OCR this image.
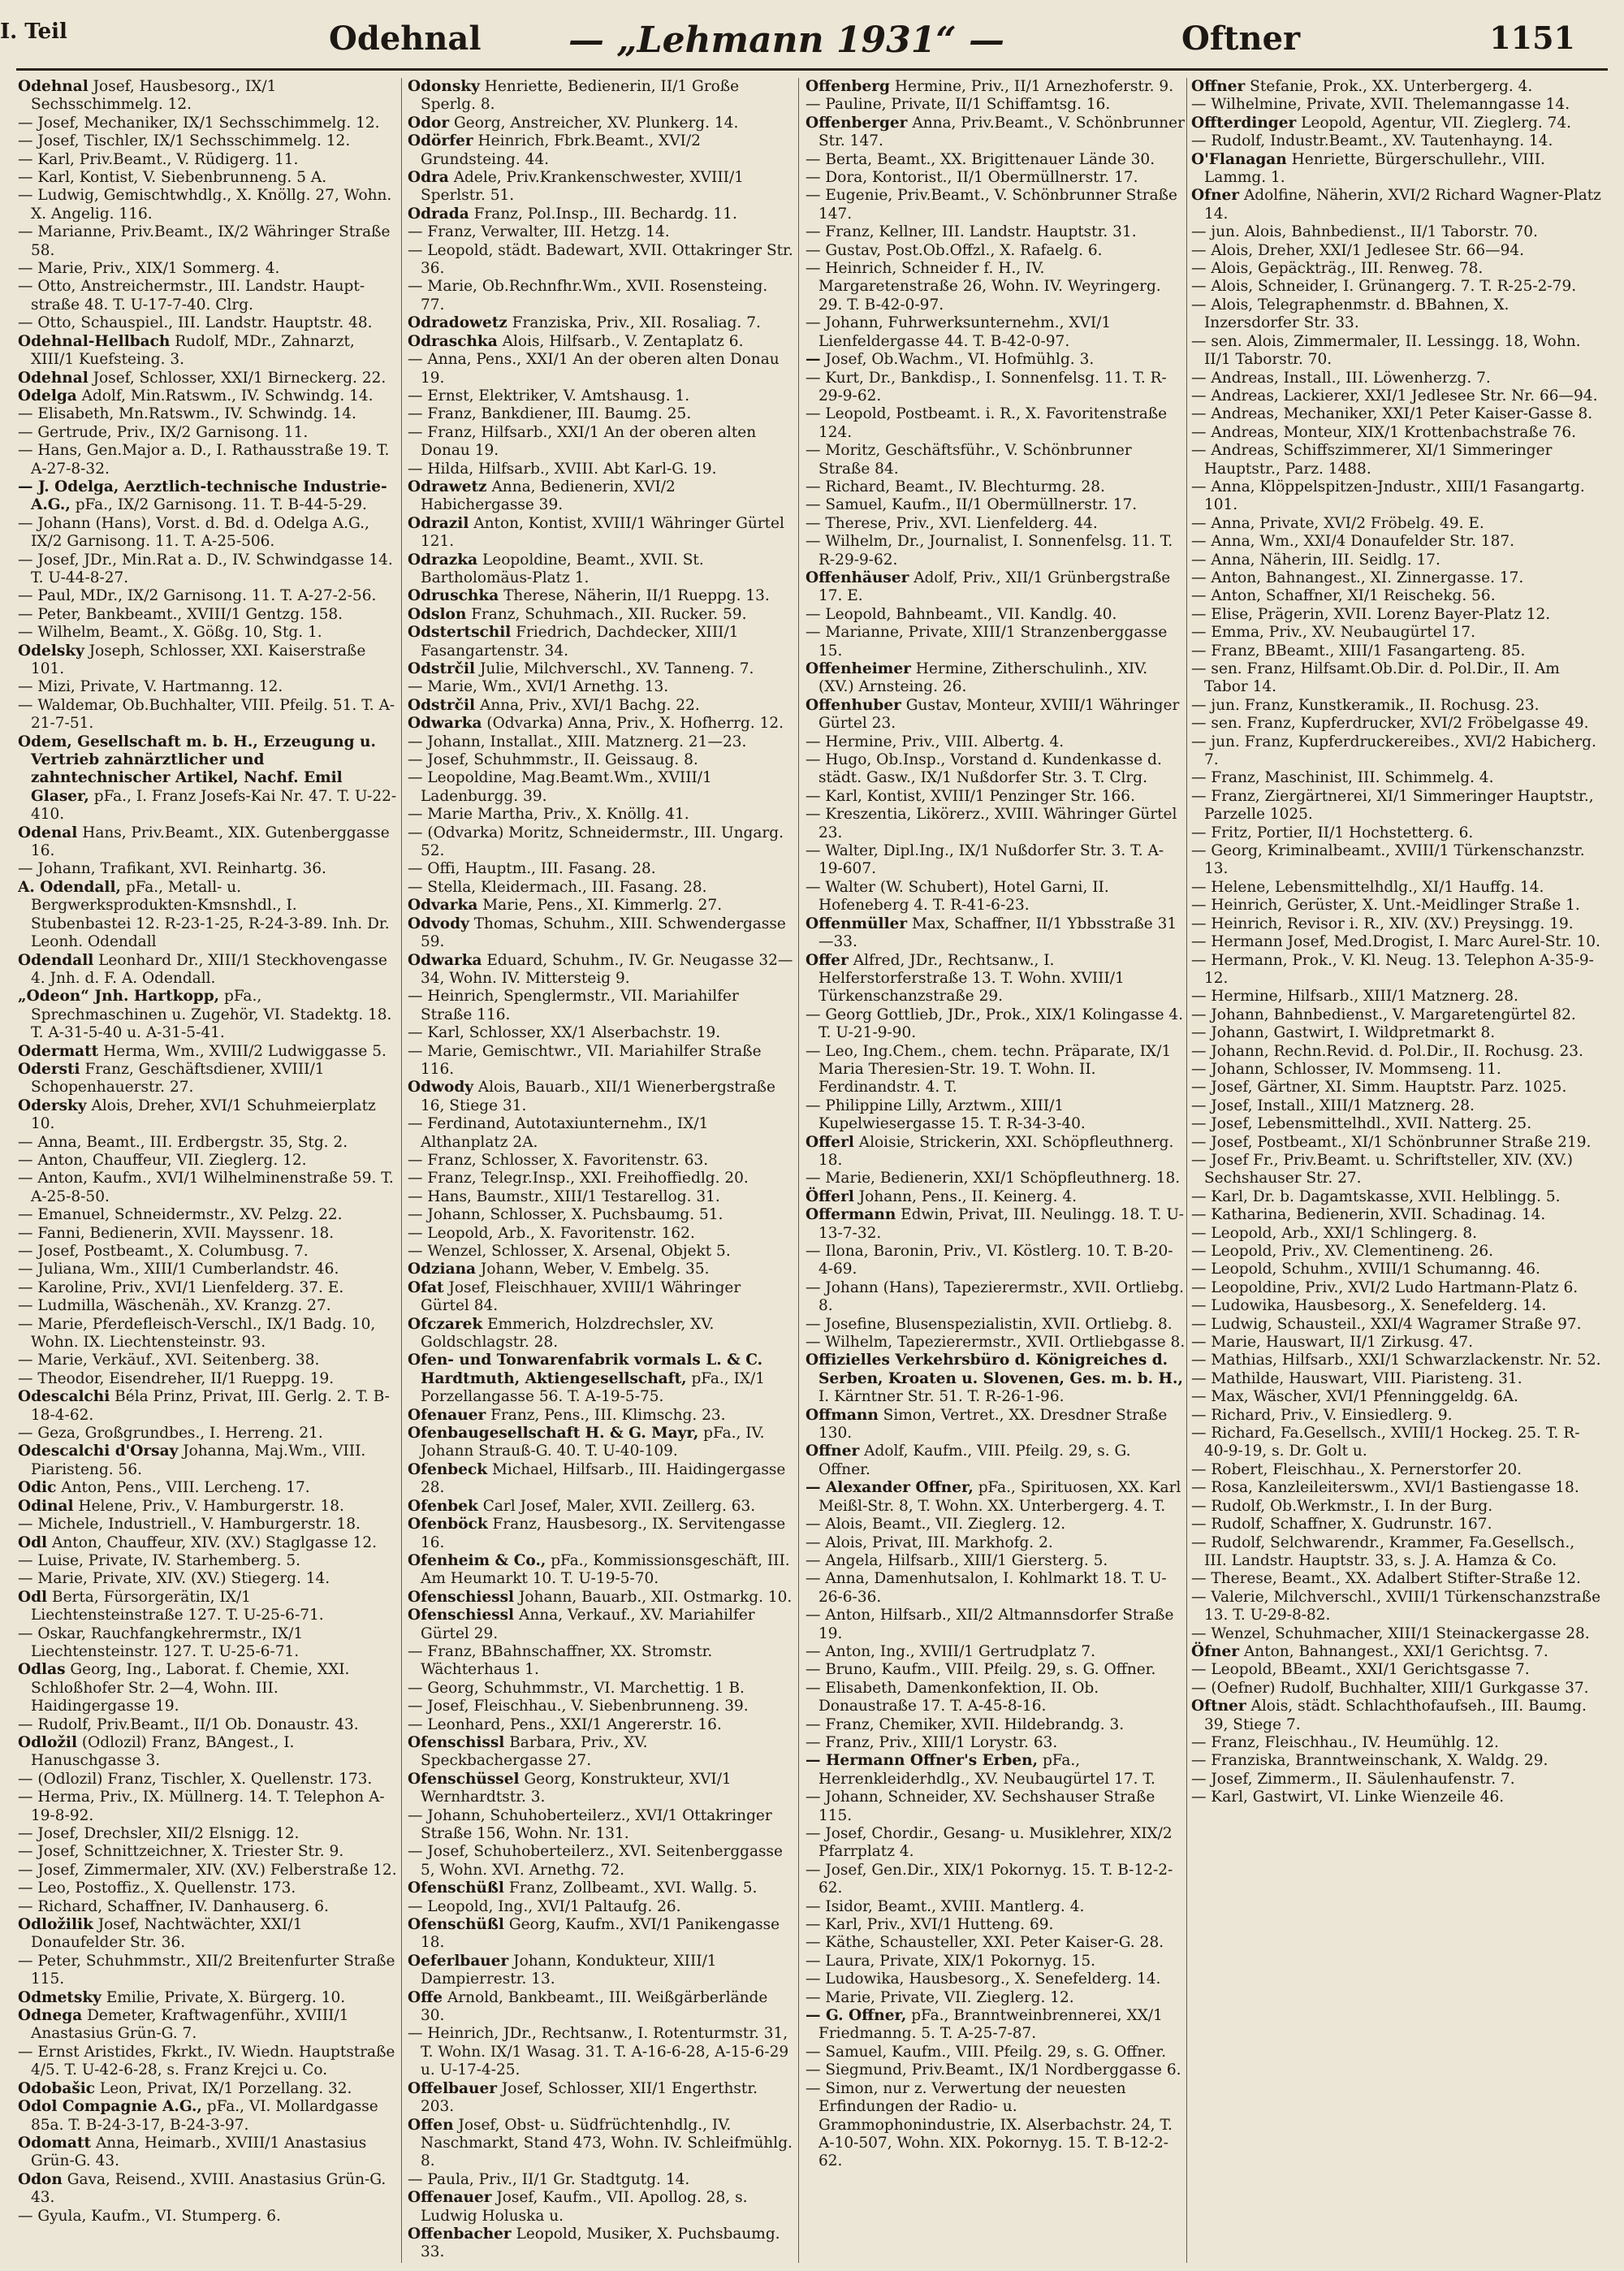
I. Teil	Odehnal — „Lehmann 1931“ —	Oftner	1151

Odehnal Josef, Hausbesorg., IX/1 Sechsschimmelg. 12.

— Josef, Mechaniker, IX/1 Sechsschimmelg. 12.

— Josef, Tischler, IX/1 Sechsschimmelg. 12.

— Karl, Priv.Beamt., V. Rüdigerg. 11.

— Karl, Kontist, V. Siebenbrunneng. 5 A.

— Ludwig, Gemischtwhdlg., X. Knöllg. 27, Wohn. X. Angelig. 116.

— Marianne, Priv.Beamt., IX/2 Währinger Straße 58.

— Marie, Priv., XIX/1 Sommerg. 4.

— Otto, Anstreichermstr., III. Landstr. Haupt-straße 48. T. U-17-7-40. Clrg.

— Otto, Schauspiel., III. Landstr. Hauptstr. 48.

Odehnal-Hellbach Rudolf, MDr., Zahnarzt, XIII/1 Kuefsteing. 3.

Odehnal Josef, Schlosser, XXI/1 Birneckerg. 22.

Odelga Adolf, Min.Ratswm., IV. Schwindg. 14.

— Elisabeth, Mn.Ratswm., IV. Schwindg. 14.

— Gertrude, Priv., IX/2 Garnisong. 11.

— Hans, Gen.Major a. D., I. Rathausstraße 19. T. A-27-8-32.

— J. Odelga, Aerztlich-technische Industrie-A.G., pFa., IX/2 Garnisong. 11. T. B-44-5-29.

— Johann (Hans), Vorst. d. Bd. d. Odelga A.G., IX/2 Garnisong. 11. T. A-25-506.

— Josef, JDr., Min.Rat a. D., IV. Schwindgasse 14. T. U-44-8-27.

— Paul, MDr., IX/2 Garnisong. 11. T. A-27-2-56.

— Peter, Bankbeamt., XVIII/1 Gentzg. 158.

— Wilhelm, Beamt., X. Gößg. 10, Stg. 1.

Odelsky Joseph, Schlosser, XXI. Kaiserstraße 101.

— Mizi, Private, V. Hartmanng. 12.

— Waldemar, Ob.Buchhalter, VIII. Pfeilg. 51. T. A-21-7-51.

Odem, Gesellschaft m. b. H., Erzeugung u. Vertrieb zahnärztlicher und zahntechnischer Artikel, Nachf. Emil Glaser, pFa., I. Franz Josefs-Kai Nr. 47. T. U-22-410.

Odenal Hans, Priv.Beamt., XIX. Gutenberggasse 16.

— Johann, Trafikant, XVI. Reinhartg. 36.

A. Odendall, pFa., Metall- u. Bergwerksprodukten-Kmsnshdl., I. Stubenbastei 12. R-23-1-25, R-24-3-89. Inh. Dr. Leonh. Odendall

Odendall Leonhard Dr., XIII/1 Steckhovengasse 4. Jnh. d. F. A. Odendall.

„Odeon“ Jnh. Hartkopp, pFa., Sprechmaschinen u. Zugehör, VI. Stadektg. 18. T. A-31-5-40 u. A-31-5-41.

Odermatt Herma, Wm., XVIII/2 Ludwiggasse 5.

Odersti Franz, Geschäftsdiener, XVIII/1 Schopenhauerstr. 27.

Odersky Alois, Dreher, XVI/1 Schuhmeierplatz 10.

— Anna, Beamt., III. Erdbergstr. 35, Stg. 2.

— Anton, Chauffeur, VII. Zieglerg. 12.

— Anton, Kaufm., XVI/1 Wilhelminenstraße 59. T. A-25-8-50.

— Emanuel, Schneidermstr., XV. Pelzg. 22.

— Fanni, Bedienerin, XVII. Mayssenг. 18.

— Josef, Postbeamt., X. Columbusg. 7.

— Juliana, Wm., XIII/1 Cumberlandstr. 46.

— Karoline, Priv., XVI/1 Lienfelderg. 37. E.

— Ludmilla, Wäschenäh., XV. Kranzg. 27.

— Marie, Pferdefleisch-Verschl., IX/1 Badg. 10, Wohn. IX. Liechtensteinstr. 93.

— Marie, Verkäuf., XVI. Seitenberg. 38.

— Theodor, Eisendreher, II/1 Rueppg. 19.

Odescalchi Béla Prinz, Privat, III. Gerlg. 2. T. B-18-4-62.

— Geza, Großgrundbes., I. Herreng. 21.

Odescalchi d'Orsay Johanna, Maj.Wm., VIII. Piaristeng. 56.

Odic Anton, Pens., VIII. Lercheng. 17.

Odinal Helene, Priv., V. Hamburgerstr. 18.

— Michele, Industriell., V. Hamburgerstr. 18.

Odl Anton, Chauffeur, XIV. (XV.) Staglgasse 12.

— Luise, Private, IV. Starhemberg. 5.

— Marie, Private, XIV. (XV.) Stiegerg. 14.

Odl Berta, Fürsorgerätin, IX/1 Liechtensteinstraße 127. T. U-25-6-71.

— Oskar, Rauchfangkehrermstr., IX/1 Liechtensteinstr. 127. T. U-25-6-71.

Odlas Georg, Ing., Laborat. f. Chemie, XXI. Schloßhofer Str. 2—4, Wohn. III. Haidingergasse 19.

— Rudolf, Priv.Beamt., II/1 Ob. Donaustr. 43.

Odložil (Odlozil) Franz, BAngest., I. Hanuschgasse 3.

— (Odlozil) Franz, Tischler, X. Quellenstr. 173.

— Herma, Priv., IX. Müllnerg. 14. T. Telephon A-19-8-92.

— Josef, Drechsler, XII/2 Elsnigg. 12.

— Josef, Schnittzeichner, X. Triester Str. 9.

— Josef, Zimmermaler, XIV. (XV.) Felberstraße 12.

— Leo, Postoffiz., X. Quellenstr. 173.

— Richard, Schaffner, IV. Danhauserg. 6.

Odložilik Josef, Nachtwächter, XXI/1 Donaufelder Str. 36.

— Peter, Schuhmmstr., XII/2 Breitenfurter Straße 115.

Odmetsky Emilie, Private, X. Bürgerg. 10.

Odnega Demeter, Kraftwagenführ., XVIII/1 Anastasius Grün-G. 7.

— Ernst Aristides, Fkrkt., IV. Wiedn. Hauptstraße 4/5. T. U-42-6-28, s. Franz Krejci u. Co.

Odobašic Leon, Privat, IX/1 Porzellang. 32.

Odol Compagnie A.G., pFa., VI. Mollardgasse 85a. T. B-24-3-17, B-24-3-97.

Odomatt Anna, Heimarb., XVIII/1 Anastasius Grün-G. 43.

Odon Gava, Reisend., XVIII. Anastasius Grün-G. 43.

— Gyula, Kaufm., VI. Stumperg. 6.

Odonsky Henriette, Bedienerin, II/1 Große Sperlg. 8.

Odor Georg, Anstreicher, XV. Plunkerg. 14.

Odörfer Heinrich, Fbrk.Beamt., XVI/2 Grundsteing. 44.

Odra Adele, Priv.Krankenschwester, XVIII/1 Sperlstr. 51.

Odrada Franz, Pol.Insp., III. Bechardg. 11.

— Franz, Verwalter, III. Hetzg. 14.

— Leopold, städt. Badewart, XVII. Ottakringer Str. 36.

— Marie, Ob.Rechnfhr.Wm., XVII. Rosensteing. 77.

Odradowetz Franziska, Priv., XII. Rosaliag. 7.

Odraschka Alois, Hilfsarb., V. Zentaplatz 6.

— Anna, Pens., XXI/1 An der oberen alten Donau 19.

— Ernst, Elektriker, V. Amtshausg. 1.

— Franz, Bankdiener, III. Baumg. 25.

— Franz, Hilfsarb., XXI/1 An der oberen alten Donau 19.

— Hilda, Hilfsarb., XVIII. Abt Karl-G. 19.

Odrawetz Anna, Bedienerin, XVI/2 Habichergasse 39.

Odrazil Anton, Kontist, XVIII/1 Währinger Gürtel 121.

Odrazka Leopoldine, Beamt., XVII. St. Bartholomäus-Platz 1.

Odruschka Therese, Näherin, II/1 Rueppg. 13.

Odslon Franz, Schuhmach., XII. Rucker. 59.

Odstertschil Friedrich, Dachdecker, XIII/1 Fasangartenstr. 34.

Odstrčil Julie, Milchverschl., XV. Tanneng. 7.

— Marie, Wm., XVI/1 Arnethg. 13.

Odstrčil Anna, Priv., XVI/1 Bachg. 22.

Odwarka (Odvarka) Anna, Priv., X. Hofherrg. 12.

— Johann, Installat., XIII. Matznerg. 21—23.

— Josef, Schuhmmstr., II. Geissaug. 8.

— Leopoldine, Mag.Beamt.Wm., XVIII/1 Ladenburgg. 39.

— Marie Martha, Priv., X. Knöllg. 41.

— (Odvarka) Moritz, Schneidermstr., III. Ungarg. 52.

— Offi, Hauptm., III. Fasang. 28.

— Stella, Kleidermach., III. Fasang. 28.

Odvarka Marie, Pens., XI. Kimmerlg. 27.

Odvody Thomas, Schuhm., XIII. Schwendergasse 59.

Odwarka Eduard, Schuhm., IV. Gr. Neugasse 32—34, Wohn. IV. Mittersteig 9.

— Heinrich, Spenglermstr., VII. Mariahilfer Straße 116.

— Karl, Schlosser, XX/1 Alserbachstr. 19.

— Marie, Gemischtwr., VII. Mariahilfer Straße 116.

Odwody Alois, Bauarb., XII/1 Wienerbergstraße 16, Stiege 31.

— Ferdinand, Autotaxiunternehm., IX/1 Althanplatz 2A.

— Franz, Schlosser, X. Favoritenstr. 63.

— Franz, Telegr.Insp., XXI. Freihoffiedlg. 20.

— Hans, Baumstr., XIII/1 Testarellog. 31.

— Johann, Schlosser, X. Puchsbaumg. 51.

— Leopold, Arb., X. Favoritenstr. 162.

— Wenzel, Schlosser, X. Arsenal, Objekt 5.

Odziana Johann, Weber, V. Embelg. 35.

Ofat Josef, Fleischhauer, XVIII/1 Währinger Gürtel 84.

Ofczarek Emmerich, Holzdrechsler, XV. Goldschlagstr. 28.

Ofen- und Tonwarenfabrik vormals L. & C. Hardtmuth, Aktiengesellschaft, pFa., IX/1 Porzellangasse 56. T. A-19-5-75.

Ofenauer Franz, Pens., III. Klimschg. 23.

Ofenbaugesellschaft H. & G. Mayr, pFa., IV. Johann Strauß-G. 40. T. U-40-109.

Ofenbeck Michael, Hilfsarb., III. Haidingergasse 28.

Ofenbek Carl Josef, Maler, XVII. Zeillerg. 63.

Ofenböck Franz, Hausbesorg., IX. Servitengasse 16.

Ofenheim & Co., pFa., Kommissionsgeschäft, III. Am Heumarkt 10. T. U-19-5-70.

Ofenschiessl Johann, Bauarb., XII. Ostmarkg. 10.

Ofenschiessl Anna, Verkauf., XV. Mariahilfer Gürtel 29.

— Franz, BBahnschaffner, XX. Stromstr. Wächterhaus 1.

— Georg, Schuhmmstr., VI. Marchettig. 1 B.

— Josef, Fleischhau., V. Siebenbrunneng. 39.

— Leonhard, Pens., XXI/1 Angererstr. 16.

Ofenschissl Barbara, Priv., XV. Speckbachergasse 27.

Ofenschüssel Georg, Konstrukteur, XVI/1 Wernhardtstr. 3.

— Johann, Schuhoberteilerz., XVI/1 Ottakringer Straße 156, Wohn. Nr. 131.

— Josef, Schuhoberteilerz., XVI. Seitenberggasse 5, Wohn. XVI. Arnethg. 72.

Ofenschüßl Franz, Zollbeamt., XVI. Wallg. 5.

— Leopold, Ing., XVI/1 Paltaufg. 26.

Ofenschüßl Georg, Kaufm., XVI/1 Panikengasse 18.

Oeferlbauer Johann, Kondukteur, XIII/1 Dampierrestr. 13.

Offe Arnold, Bankbeamt., III. Weißgärberlände 30.

— Heinrich, JDr., Rechtsanw., I. Rotenturmstr. 31, T. Wohn. IX/1 Wasag. 31. T. A-16-6-28, A-15-6-29 u. U-17-4-25.

Offelbauer Josef, Schlosser, XII/1 Engerthstr. 203.

Offen Josef, Obst- u. Südfrüchtenhdlg., IV. Naschmarkt, Stand 473, Wohn. IV. Schleifmühlg. 8.

— Paula, Priv., II/1 Gr. Stadtgutg. 14.

Offenauer Josef, Kaufm., VII. Apollog. 28, s. Ludwig Holuska u.

Offenbacher Leopold, Musiker, X. Puchsbaumg. 33.

Offenberg Hermine, Priv., II/1 Arnezhoferstr. 9.

— Pauline, Private, II/1 Schiffamtsg. 16.

Offenberger Anna, Priv.Beamt., V. Schönbrunner Str. 147.

— Berta, Beamt., XX. Brigittenauer Lände 30.

— Dora, Kontorist., II/1 Obermüllnerstr. 17.

— Eugenie, Priv.Beamt., V. Schönbrunner Straße 147.

— Franz, Kellner, III. Landstr. Hauptstr. 31.

— Gustav, Post.Ob.Offzl., X. Rafaelg. 6.

— Heinrich, Schneider f. H., IV. Margaretenstraße 26, Wohn. IV. Weyringerg. 29. T. B-42-0-97.

— Johann, Fuhrwerksunternehm., XVI/1 Lienfeldergasse 44. T. B-42-0-97.

— Josef, Ob.Wachm., VI. Hofmühlg. 3.

— Kurt, Dr., Bankdisp., I. Sonnenfelsg. 11. T. R-29-9-62.

— Leopold, Postbeamt. i. R., X. Favoritenstraße 124.

— Moritz, Geschäftsführ., V. Schönbrunner Straße 84.

— Richard, Beamt., IV. Blechturmg. 28.

— Samuel, Kaufm., II/1 Obermüllnerstr. 17.

— Therese, Priv., XVI. Lienfelderg. 44.

— Wilhelm, Dr., Journalist, I. Sonnenfelsg. 11. T. R-29-9-62.

Offenhäuser Adolf, Priv., XII/1 Grünbergstraße 17. E.

— Leopold, Bahnbeamt., VII. Kandlg. 40.

— Marianne, Private, XIII/1 Stranzenberggasse 15.

Offenheimer Hermine, Zitherschulinh., XIV. (XV.) Arnsteing. 26.

Offenhuber Gustav, Monteur, XVIII/1 Währinger Gürtel 23.

— Hermine, Priv., VIII. Albertg. 4.

— Hugo, Ob.Insp., Vorstand d. Kundenkasse d. städt. Gasw., IX/1 Nußdorfer Str. 3. T. Clrg.

— Karl, Kontist, XVIII/1 Penzinger Str. 166.

— Kreszentia, Likörerz., XVIII. Währinger Gürtel 23.

— Walter, Dipl.Ing., IX/1 Nußdorfer Str. 3. T. A-19-607.

— Walter (W. Schubert), Hotel Garni, II. Hofeneberg 4. T. R-41-6-23.

Offenmüller Max, Schaffner, II/1 Ybbsstraße 31—33.

Offer Alfred, JDr., Rechtsanw., I. Helferstorferstraße 13. T. Wohn. XVIII/1 Türkenschanzstraße 29.

— Georg Gottlieb, JDr., Prok., XIX/1 Kolingasse 4. T. U-21-9-90.

— Leo, Ing.Chem., chem. techn. Präparate, IX/1 Maria Theresien-Str. 19. T. Wohn. II. Ferdinandstr. 4. T.

— Philippine Lilly, Arztwm., XIII/1 Kupelwiesergasse 15. T. R-34-3-40.

Offerl Aloisie, Strickerin, XXI. Schöpfleuthnerg. 18.

— Marie, Bedienerin, XXI/1 Schöpfleuthnerg. 18.

Öfferl Johann, Pens., II. Keinerg. 4.

Offermann Edwin, Privat, III. Neulingg. 18. T. U-13-7-32.

— Ilona, Baronin, Priv., VI. Köstlerg. 10. T. B-20-4-69.

— Johann (Hans), Tapezierermstr., XVII. Ortliebg. 8.

— Josefine, Blusenspezialistin, XVII. Ortliebg. 8.

— Wilhelm, Tapezierermstr., XVII. Ortliebgasse 8.

Offizielles Verkehrsbüro d. Königreiches d. Serben, Kroaten u. Slovenen, Ges. m. b. H., I. Kärntner Str. 51. T. R-26-1-96.

Offmann Simon, Vertret., XX. Dresdner Straße 130.

Offner Adolf, Kaufm., VIII. Pfeilg. 29, s. G. Offner.

— Alexander Offner, pFa., Spirituosen, XX. Karl Meißl-Str. 8, T. Wohn. XX. Unterbergerg. 4. T.

— Alois, Beamt., VII. Zieglerg. 12.

— Alois, Privat, III. Markhofg. 2.

— Angela, Hilfsarb., XIII/1 Giersterg. 5.

— Anna, Damenhutsalon, I. Kohlmarkt 18. T. U-26-6-36.

— Anton, Hilfsarb., XII/2 Altmannsdorfer Straße 19.

— Anton, Ing., XVIII/1 Gertrudplatz 7.

— Bruno, Kaufm., VIII. Pfeilg. 29, s. G. Offner.

— Elisabeth, Damenkonfektion, II. Ob. Donaustraße 17. T. A-45-8-16.

— Franz, Chemiker, XVII. Hildebrandg. 3.

— Franz, Priv., XIII/1 Lorystr. 63.

— Hermann Offner's Erben, pFa., Herrenkleiderhdlg., XV. Neubaugürtel 17. T.

— Johann, Schneider, XV. Sechshauser Straße 115.

— Josef, Chordir., Gesang- u. Musiklehrer, XIX/2 Pfarrplatz 4.

— Josef, Gen.Dir., XIX/1 Pokornyg. 15. T. B-12-2-62.

— Isidor, Beamt., XVIII. Mantlerg. 4.

— Karl, Priv., XVI/1 Hutteng. 69.

— Käthe, Schausteller, XXI. Peter Kaiser-G. 28.

— Laura, Private, XIX/1 Pokornyg. 15.

— Ludowika, Hausbesorg., X. Senefelderg. 14.

— Marie, Private, VII. Zieglerg. 12.

— G. Offner, pFa., Branntweinbrennerei, XX/1 Friedmanng. 5. T. A-25-7-87.

— Samuel, Kaufm., VIII. Pfeilg. 29, s. G. Offner.

— Siegmund, Priv.Beamt., IX/1 Nordberggasse 6.

— Simon, nur z. Verwertung der neuesten Erfindungen der Radio- u. Grammophonindustrie, IX. Alserbachstr. 24, T. A-10-507, Wohn. XIX. Pokornyg. 15. T. B-12-2-62.

Offner Stefanie, Prok., XX. Unterbergerg. 4.

— Wilhelmine, Private, XVII. Thelemanngasse 14.

Offterdinger Leopold, Agentur, VII. Zieglerg. 74.

— Rudolf, Industr.Beamt., XV. Tautenhayng. 14.

O'Flanagan Henriette, Bürgerschullehr., VIII. Lammg. 1.

Ofner Adolfine, Näherin, XVI/2 Richard Wagner-Platz 14.

— jun. Alois, Bahnbedienst., II/1 Taborstr. 70.

— Alois, Dreher, XXI/1 Jedlesee Str. 66—94.

— Alois, Gepäckträg., III. Renweg. 78.

— Alois, Schneider, I. Grünangerg. 7. T. R-25-2-79.

— Alois, Telegraphenmstr. d. BBahnen, X. Inzersdorfer Str. 33.

— sen. Alois, Zimmermaler, II. Lessingg. 18, Wohn. II/1 Taborstr. 70.

— Andreas, Install., III. Löwenherzg. 7.

— Andreas, Lackierer, XXI/1 Jedlesee Str. Nr. 66—94.

— Andreas, Mechaniker, XXI/1 Peter Kaiser-Gasse 8.

— Andreas, Monteur, XIX/1 Krottenbachstraße 76.

— Andreas, Schiffszimmerer, XI/1 Simmeringer Hauptstr., Parz. 1488.

— Anna, Klöppelspitzen-Jndustr., XIII/1 Fasangartg. 101.

— Anna, Private, XVI/2 Fröbelg. 49. E.

— Anna, Wm., XXI/4 Donaufelder Str. 187.

— Anna, Näherin, III. Seidlg. 17.

— Anton, Bahnangest., XI. Zinnergasse. 17.

— Anton, Schaffner, XI/1 Reischekg. 56.

— Elise, Prägerin, XVII. Lorenz Bayer-Platz 12.

— Emma, Priv., XV. Neubaugürtel 17.

— Franz, BBeamt., XIII/1 Fasangarteng. 85.

— sen. Franz, Hilfsamt.Ob.Dir. d. Pol.Dir., II. Am Tabor 14.

— jun. Franz, Kunstkeramik., II. Rochusg. 23.

— sen. Franz, Kupferdrucker, XVI/2 Fröbelgasse 49.

— jun. Franz, Kupferdruckereibes., XVI/2 Habicherg. 7.

— Franz, Maschinist, III. Schimmelg. 4.

— Franz, Ziergärtnerei, XI/1 Simmeringer Hauptstr., Parzelle 1025.

— Fritz, Portier, II/1 Hochstetterg. 6.

— Georg, Kriminalbeamt., XVIII/1 Türkenschanzstr. 13.

— Helene, Lebensmittelhdlg., XI/1 Hauffg. 14.

— Heinrich, Gerüster, X. Unt.-Meidlinger Straße 1.

— Heinrich, Revisor i. R., XIV. (XV.) Preysingg. 19.

— Hermann Josef, Med.Drogist, I. Marc Aurel-Str. 10.

— Hermann, Prok., V. Kl. Neug. 13. Telephon A-35-9-12.

— Hermine, Hilfsarb., XIII/1 Matznerg. 28.

— Johann, Bahnbedienst., V. Margaretengürtel 82.

— Johann, Gastwirt, I. Wildpretmarkt 8.

— Johann, Rechn.Revid. d. Pol.Dir., II. Rochusg. 23.

— Johann, Schlosser, IV. Mommseng. 11.

— Josef, Gärtner, XI. Simm. Hauptstr. Parz. 1025.

— Josef, Install., XIII/1 Matznerg. 28.

— Josef, Lebensmittelhdl., XVII. Natterg. 25.

— Josef, Postbeamt., XI/1 Schönbrunner Straße 219.

— Josef Fr., Priv.Beamt. u. Schriftsteller, XIV. (XV.) Sechshauser Str. 27.

— Karl, Dr. b. Dagamtskasse, XVII. Helblingg. 5.

— Katharina, Bedienerin, XVII. Schadinag. 14.

— Leopold, Arb., XXI/1 Schlingerg. 8.

— Leopold, Priv., XV. Clementineng. 26.

— Leopold, Schuhm., XVIII/1 Schumanng. 46.

— Leopoldine, Priv., XVI/2 Ludo Hartmann-Platz 6.

— Ludowika, Hausbesorg., X. Senefelderg. 14.

— Ludwig, Schausteil., XXI/4 Wagramer Straße 97.

— Marie, Hauswart, II/1 Zirkusg. 47.

— Mathias, Hilfsarb., XXI/1 Schwarzlackenstr. Nr. 52.

— Mathilde, Hauswart, VIII. Piaristeng. 31.

— Max, Wäscher, XVI/1 Pfenninggeldg. 6A.

— Richard, Priv., V. Einsiedlerg. 9.

— Richard, Fa.Gesellsch., XVIII/1 Hockeg. 25. T. R-40-9-19, s. Dr. Golt u.

— Robert, Fleischhau., X. Pernerstorfer 20.

— Rosa, Kanzleileiterswm., XVI/1 Bastiengasse 18.

— Rudolf, Ob.Werkmstr., I. In der Burg.

— Rudolf, Schaffner, X. Gudrunstr. 167.

— Rudolf, Selchwarendr., Krammer, Fa.Gesellsch., III. Landstr. Hauptstr. 33, s. J. A. Hamza & Co.

— Therese, Beamt., XX. Adalbert Stifter-Straße 12.

— Valerie, Milchverschl., XVIII/1 Türkenschanzstraße 13. T. U-29-8-82.

— Wenzel, Schuhmacher, XIII/1 Steinackergasse 28.

Öfner Anton, Bahnangest., XXI/1 Gerichtsg. 7.

— Leopold, BBeamt., XXI/1 Gerichtsgasse 7.

— (Oefner) Rudolf, Buchhalter, XIII/1 Gurkgasse 37.

Oftner Alois, städt. Schlachthofaufseh., III. Baumg. 39, Stiege 7.

— Franz, Fleischhau., IV. Heumühlg. 12.

— Franziska, Branntweinschank, X. Waldg. 29.

— Josef, Zimmerm., II. Säulenhaufenstr. 7.

— Karl, Gastwirt, VI. Linke Wienzeile 46.
